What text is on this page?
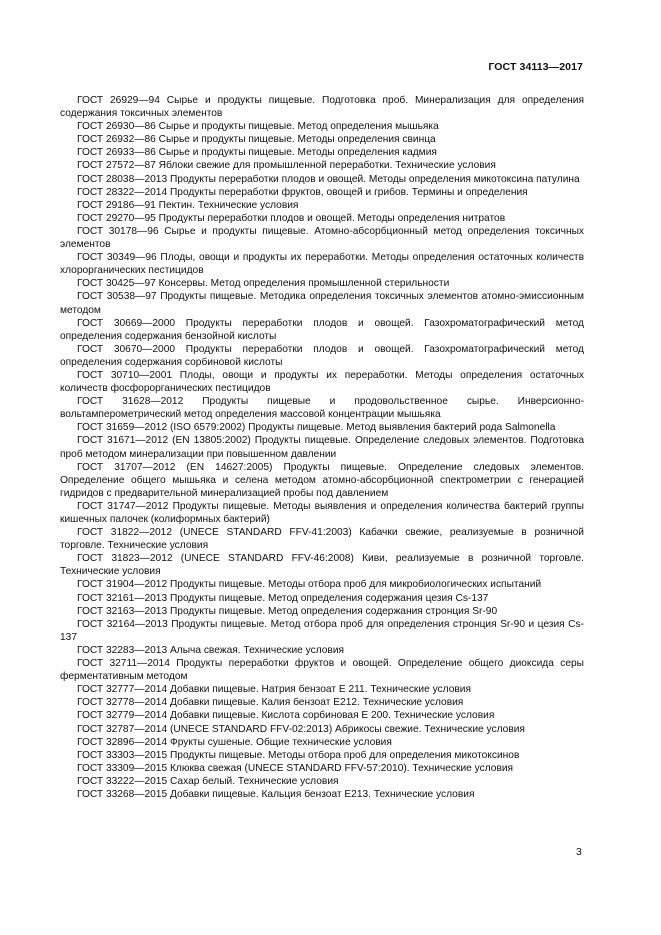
ГОСТ 34113—2017

ГОСТ 26929—94 Сырье и продукты пищевые. Подготовка проб. Минерализация для определения содержания токсичных элементов

ГОСТ 26930—86 Сырье и продукты пищевые. Метод определения мышьяка

ГОСТ 26932—86 Сырье и продукты пищевые. Методы определения свинца

ГОСТ 26933—86 Сырье и продукты пищевые. Методы определения кадмия

ГОСТ 27572—87 Яблоки свежие для промышленной переработки. Технические условия

ГОСТ 28038—2013 Продукты переработки плодов и овощей. Методы определения микотоксина патулина

ГОСТ 28322—2014 Продукты переработки фруктов, овощей и грибов. Термины и определения

ГОСТ 29186—91 Пектин. Технические условия

ГОСТ 29270—95 Продукты переработки плодов и овощей. Методы определения нитратов

ГОСТ 30178—96 Сырье и продукты пищевые. Атомно-абсорбционный метод определения токсичных элементов

ГОСТ 30349—96 Плоды, овощи и продукты их переработки. Методы определения остаточных количеств хлорорганических пестицидов

ГОСТ 30425—97 Консервы. Метод определения промышленной стерильности

ГОСТ 30538—97 Продукты пищевые. Методика определения токсичных элементов атомно-эмиссионным методом

ГОСТ 30669—2000 Продукты переработки плодов и овощей. Газохроматографический метод определения содержания бензойной кислоты

ГОСТ 30670—2000 Продукты переработки плодов и овощей. Газохроматографический метод определения содержания сорбиновой кислоты

ГОСТ 30710—2001 Плоды, овощи и продукты их переработки. Методы определения остаточных количеств фосфорорганических пестицидов

ГОСТ 31628—2012 Продукты пищевые и продовольственное сырье. Инверсионно-вольтамперометрический метод определения массовой концентрации мышьяка

ГОСТ 31659—2012 (ISO 6579:2002) Продукты пищевые. Метод выявления бактерий рода Salmonella

ГОСТ 31671—2012 (EN 13805:2002) Продукты пищевые. Определение следовых элементов. Подготовка проб методом минерализации при повышенном давлении

ГОСТ 31707—2012 (EN 14627:2005) Продукты пищевые. Определение следовых элементов. Определение общего мышьяка и селена методом атомно-абсорбционной спектрометрии с генерацией гидридов с предварительной минерализацией пробы под давлением

ГОСТ 31747—2012 Продукты пищевые. Методы выявления и определения количества бактерий группы кишечных палочек (колиформных бактерий)

ГОСТ 31822—2012 (UNECE STANDARD FFV-41:2003) Кабачки свежие, реализуемые в розничной торговле. Технические условия

ГОСТ 31823—2012 (UNECE STANDARD FFV-46:2008) Киви, реализуемые в розничной торговле. Технические условия

ГОСТ 31904—2012 Продукты пищевые. Методы отбора проб для микробиологических испытаний

ГОСТ 32161—2013 Продукты пищевые. Метод определения содержания цезия Cs-137

ГОСТ 32163—2013 Продукты пищевые. Метод определения содержания стронция Sr-90

ГОСТ 32164—2013 Продукты пищевые. Метод отбора проб для определения стронция Sr-90 и цезия Cs-137

ГОСТ 32283—2013 Алыча свежая. Технические условия

ГОСТ 32711—2014 Продукты переработки фруктов и овощей. Определение общего диоксида серы ферментативным методом

ГОСТ 32777—2014 Добавки пищевые. Натрия бензоат E 211. Технические условия

ГОСТ 32778—2014 Добавки пищевые. Калия бензоат E212. Технические условия

ГОСТ 32779—2014 Добавки пищевые. Кислота сорбиновая E 200. Технические условия

ГОСТ 32787—2014 (UNECE STANDARD FFV-02:2013) Абрикосы свежие. Технические условия

ГОСТ 32896—2014 Фрукты сушеные. Общие технические условия

ГОСТ 33303—2015 Продукты пищевые. Методы отбора проб для определения микотоксинов

ГОСТ 33309—2015 Клюква свежая (UNECE STANDARD FFV-57:2010). Технические условия

ГОСТ 33222—2015 Сахар белый. Технические условия

ГОСТ 33268—2015 Добавки пищевые. Кальция бензоат E213. Технические условия

3
